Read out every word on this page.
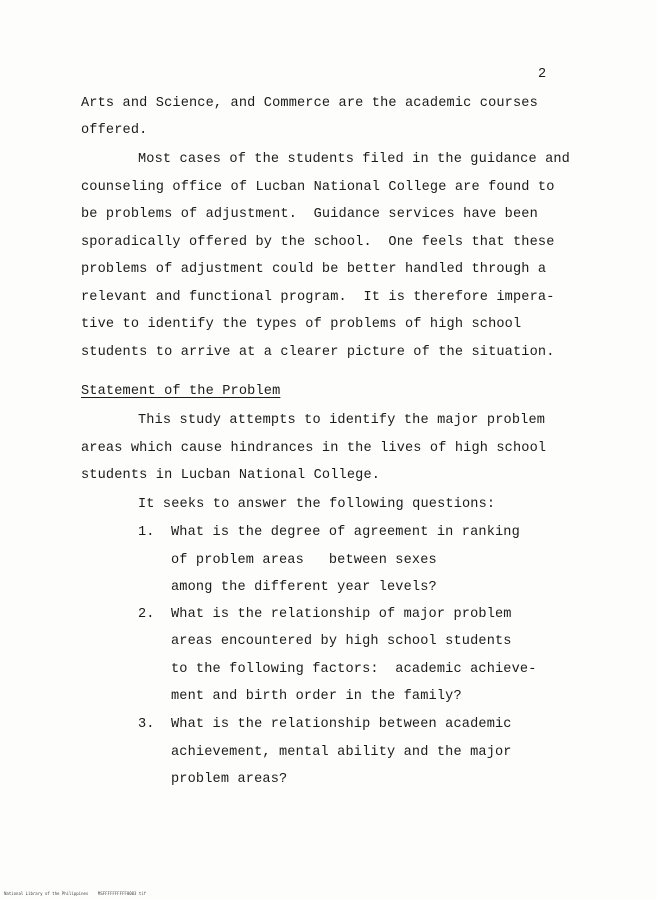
2
Arts and Science, and Commerce are the academic courses
offered.
Most cases of the students filed in the guidance and
counseling office of Lucban National College are found to
be problems of adjustment.  Guidance services have been
sporadically offered by the school.  One feels that these
problems of adjustment could be better handled through a
relevant and functional program.  It is therefore impera-
tive to identify the types of problems of high school
students to arrive at a clearer picture of the situation.
Statement of the Problem
This study attempts to identify the major problem
areas which cause hindrances in the lives of high school
students in Lucban National College.
It seeks to answer the following questions:
1. What is the degree of agreement in ranking
of problem areas   between sexes
among the different year levels?
2. What is the relationship of major problem
areas encountered by high school students
to the following factors:  academic achieve-
ment and birth order in the family?
3. What is the relationship between academic
achievement, mental ability and the major
problem areas?
National Library of the Philippines    MSFFFFFFFFFF0003 tif
